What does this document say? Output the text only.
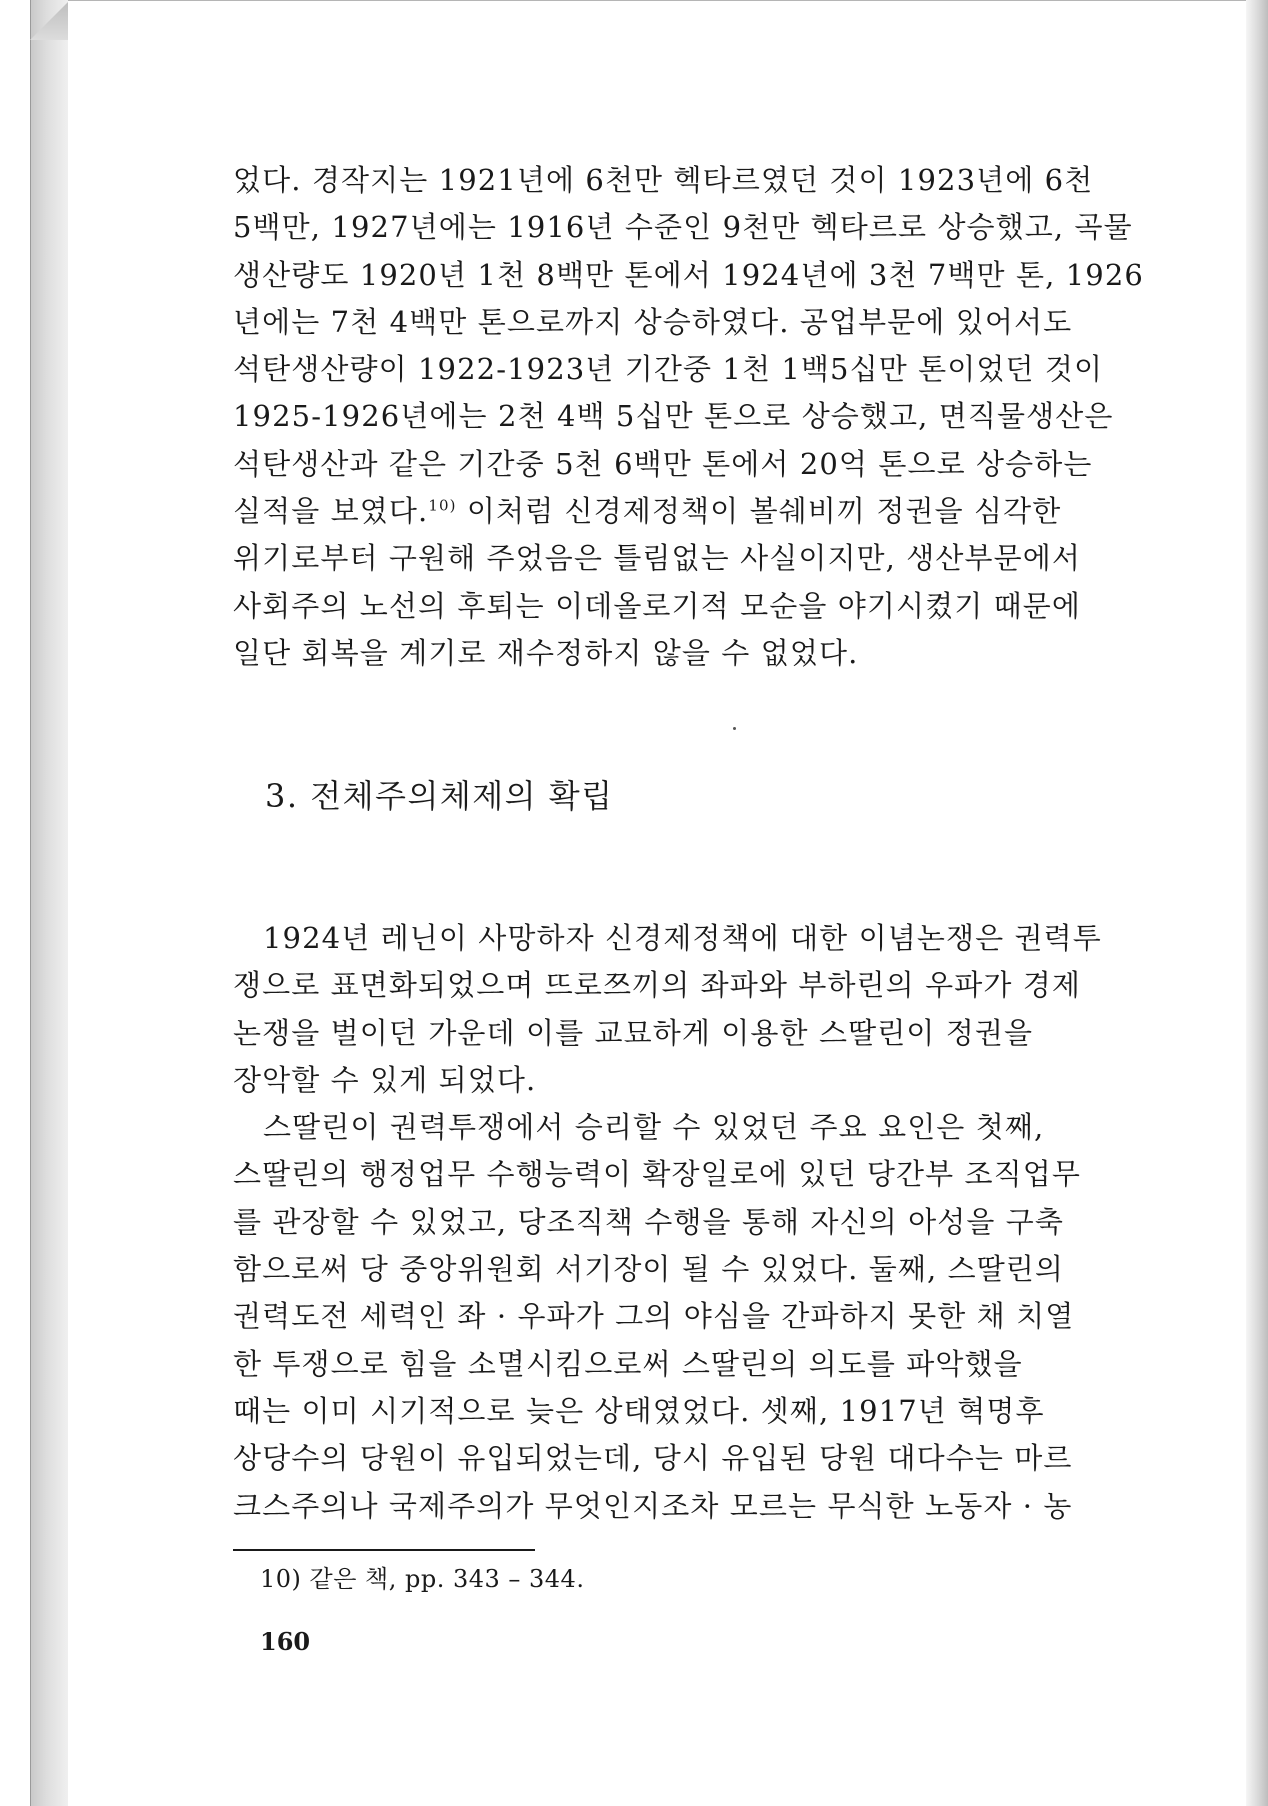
었다. 경작지는 1921년에 6천만 헥타르였던 것이 1923년에 6천
5백만, 1927년에는 1916년 수준인 9천만 헥타르로 상승했고, 곡물
생산량도 1920년 1천 8백만 톤에서 1924년에 3천 7백만 톤, 1926
년에는 7천 4백만 톤으로까지 상승하였다. 공업부문에 있어서도
석탄생산량이 1922-1923년 기간중 1천 1백5십만 톤이었던 것이
1925-1926년에는 2천 4백 5십만 톤으로 상승했고, 면직물생산은
석탄생산과 같은 기간중 5천 6백만 톤에서 20억 톤으로 상승하는
실적을 보였다.$^{10)}$ 이처럼 신경제정책이 볼쉐비끼 정권을 심각한
위기로부터 구원해 주었음은 틀림없는 사실이지만, 생산부문에서
사회주의 노선의 후퇴는 이데올로기적 모순을 야기시켰기 때문에
일단 회복을 계기로 재수정하지 않을 수 없었다.
3. 전체주의체제의 확립
1924년 레닌이 사망하자 신경제정책에 대한 이념논쟁은 권력투
쟁으로 표면화되었으며 뜨로쯔끼의 좌파와 부하린의 우파가 경제
논쟁을 벌이던 가운데 이를 교묘하게 이용한 스딸린이 정권을
장악할 수 있게 되었다.
스딸린이 권력투쟁에서 승리할 수 있었던 주요 요인은 첫째,
스딸린의 행정업무 수행능력이 확장일로에 있던 당간부 조직업무
를 관장할 수 있었고, 당조직책 수행을 통해 자신의 아성을 구축
함으로써 당 중앙위원회 서기장이 될 수 있었다. 둘째, 스딸린의
권력도전 세력인 좌 · 우파가 그의 야심을 간파하지 못한 채 치열
한 투쟁으로 힘을 소멸시킴으로써 스딸린의 의도를 파악했을
때는 이미 시기적으로 늦은 상태였었다. 셋째, 1917년 혁명후
상당수의 당원이 유입되었는데, 당시 유입된 당원 대다수는 마르
크스주의나 국제주의가 무엇인지조차 모르는 무식한 노동자 · 농
10) 같은 책, pp. 343 – 344.
160
